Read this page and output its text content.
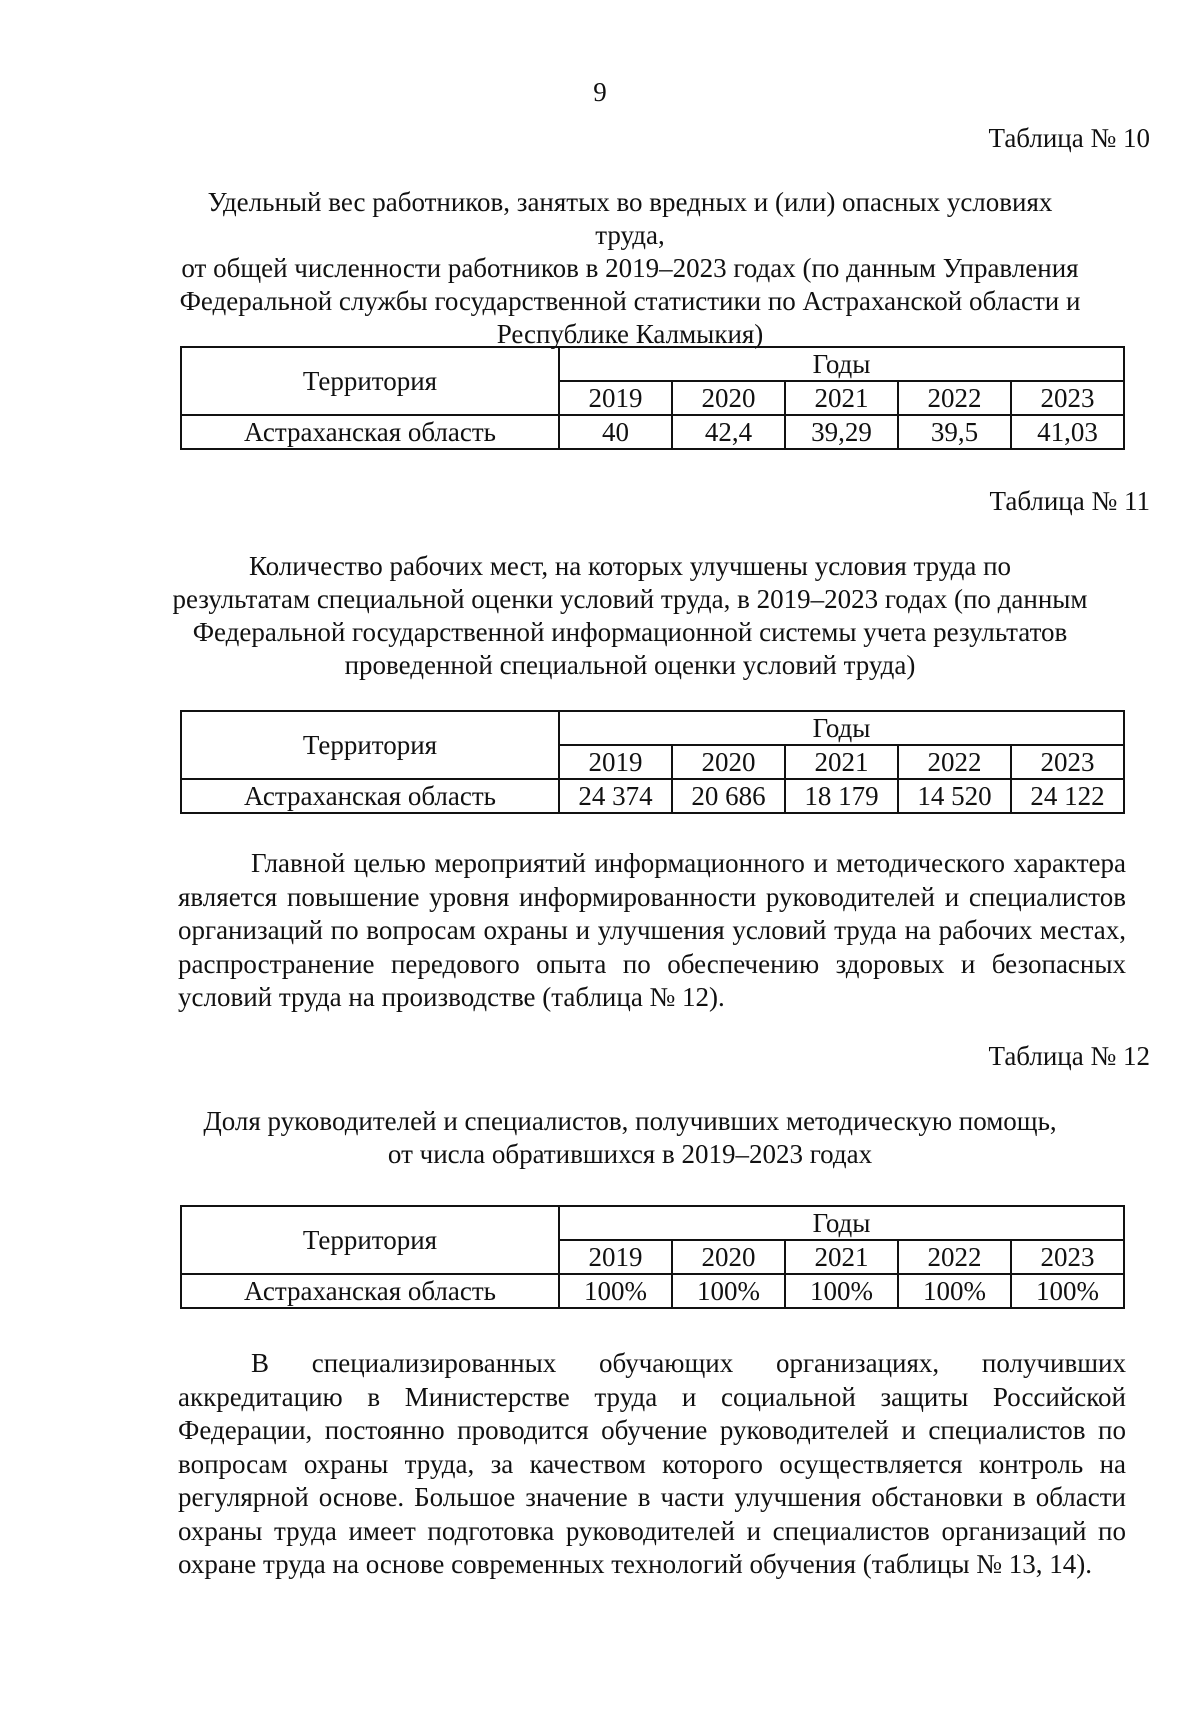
9
Таблица № 10
Удельный вес работников, занятых во вредных и (или) опасных условиях труда,
от общей численности работников в 2019–2023 годах (по данным Управления
Федеральной службы государственной статистики по Астраханской области и
Республике Калмыкия)
Территория	Годы				
	2019	2020	2021	2022	2023
Астраханская область	40	42,4	39,29	39,5	41,03
Таблица № 11
Количество рабочих мест, на которых улучшены условия труда по
результатам специальной оценки условий труда, в 2019–2023 годах (по данным
Федеральной государственной информационной системы учета результатов
проведенной специальной оценки условий труда)
Территория	Годы				
	2019	2020	2021	2022	2023
Астраханская область	24 374	20 686	18 179	14 520	24 122
Главной целью мероприятий информационного и методического характера является повышение уровня информированности руководителей и специалистов организаций по вопросам охраны и улучшения условий труда на рабочих местах, распространение передового опыта по обеспечению здоровых и безопасных условий труда на производстве (таблица № 12).
Таблица № 12
Доля руководителей и специалистов, получивших методическую помощь,
от числа обратившихся в 2019–2023 годах
Территория	Годы				
	2019	2020	2021	2022	2023
Астраханская область	100%	100%	100%	100%	100%
В специализированных обучающих организациях, получивших аккредитацию в Министерстве труда и социальной защиты Российской Федерации, постоянно проводится обучение руководителей и специалистов по вопросам охраны труда, за качеством которого осуществляется контроль на регулярной основе. Большое значение в части улучшения обстановки в области охраны труда имеет подготовка руководителей и специалистов организаций по охране труда на основе современных технологий обучения (таблицы № 13, 14).
